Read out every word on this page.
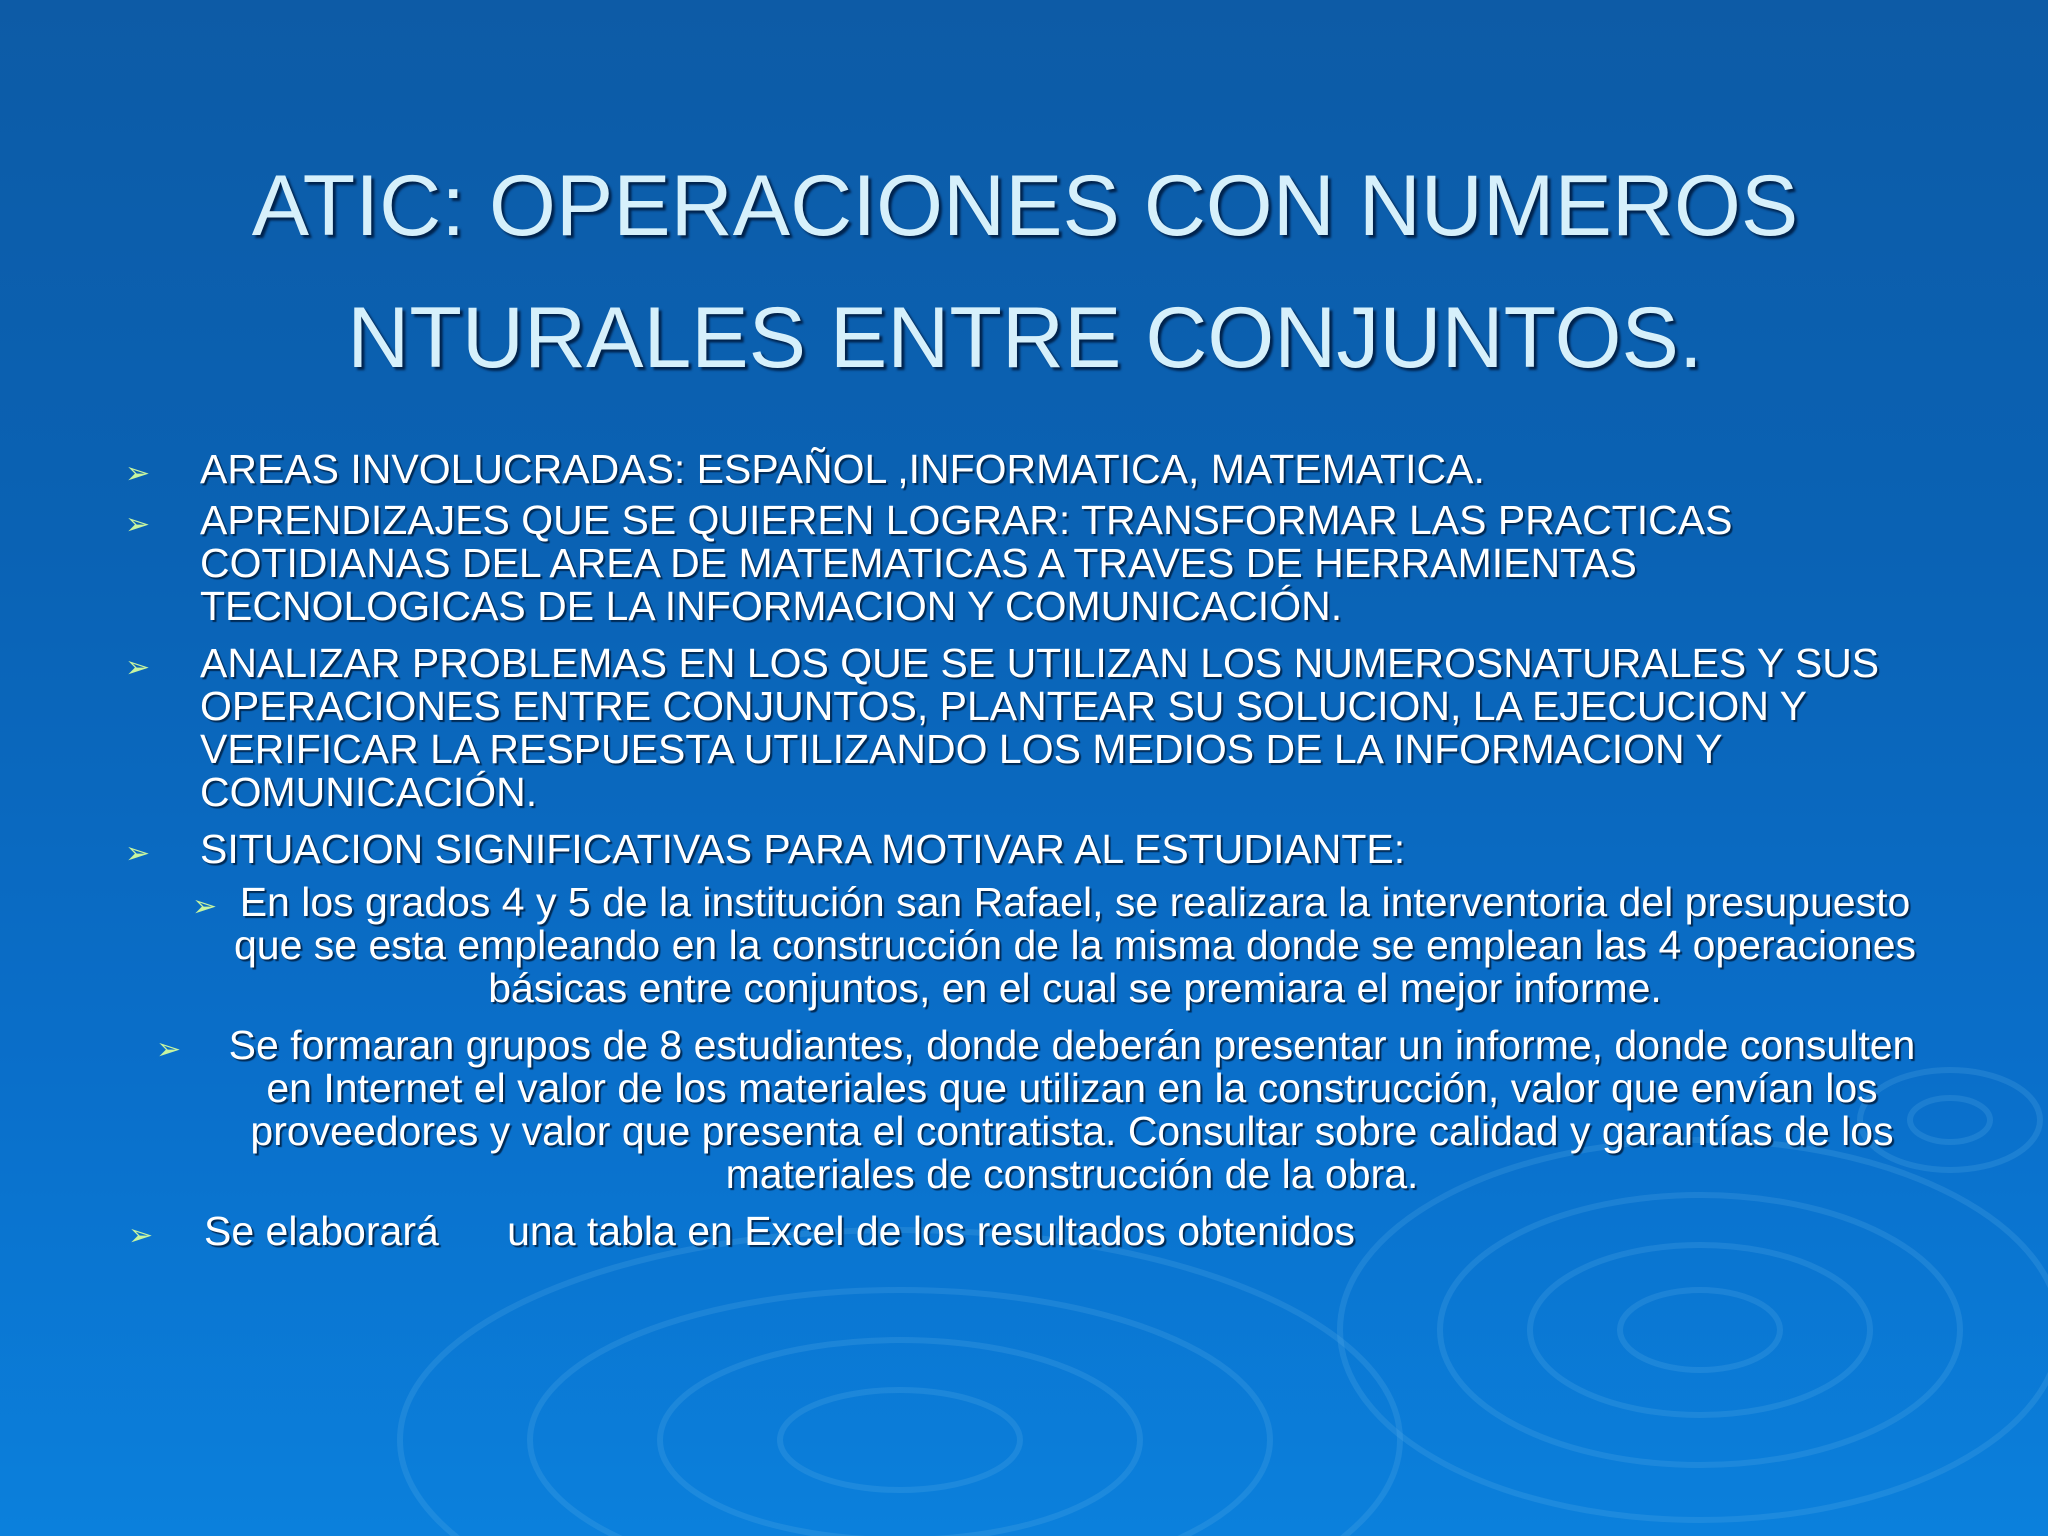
ATIC: OPERACIONES CON NUMEROS
NTURALES ENTRE CONJUNTOS.
➢ AREAS INVOLUCRADAS: ESPAÑOL ,INFORMATICA, MATEMATICA.
➢ APRENDIZAJES QUE SE QUIEREN LOGRAR: TRANSFORMAR LAS PRACTICAS COTIDIANAS DEL AREA DE MATEMATICAS A TRAVES DE HERRAMIENTAS TECNOLOGICAS DE LA INFORMACION Y COMUNICACIÓN.
➢ ANALIZAR PROBLEMAS EN LOS QUE SE UTILIZAN LOS NUMEROSNATURALES Y SUS OPERACIONES ENTRE CONJUNTOS, PLANTEAR SU SOLUCION, LA EJECUCION Y VERIFICAR LA RESPUESTA UTILIZANDO LOS MEDIOS DE LA INFORMACION Y COMUNICACIÓN.
➢ SITUACION SIGNIFICATIVAS PARA MOTIVAR AL ESTUDIANTE:
➢ En los grados 4 y 5 de la institución san Rafael, se realizara la interventoria del presupuesto que se esta empleando en la construcción de la misma donde se emplean las 4 operaciones básicas entre conjuntos, en el cual se premiara el mejor informe.
➢	Se formaran grupos de 8 estudiantes, donde deberán presentar un informe, donde consulten en Internet el valor de los materiales que utilizan en la construcción, valor que envían los proveedores y valor que presenta el contratista. Consultar sobre calidad y garantías de los materiales de construcción de la obra.
➢ Se elaborará      una tabla en Excel de los resultados obtenidos
